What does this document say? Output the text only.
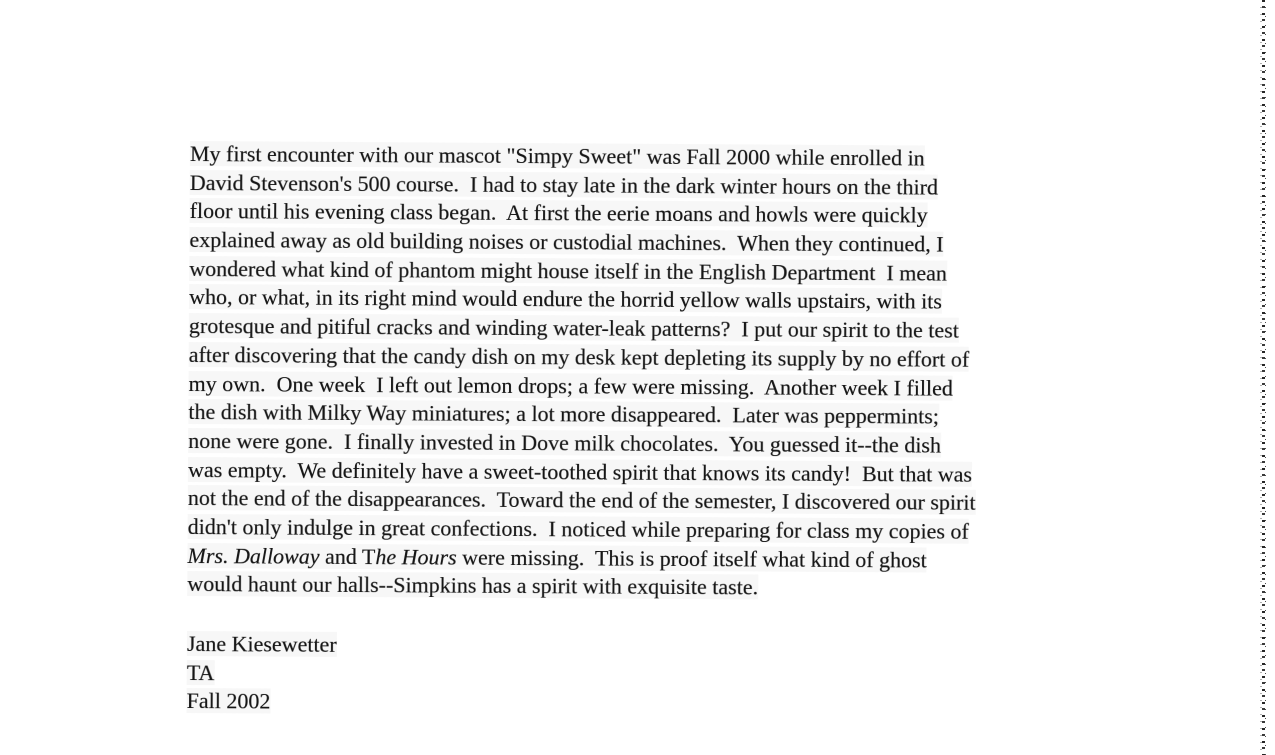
My first encounter with our mascot "Simpy Sweet" was Fall 2000 while enrolled in
David Stevenson's 500 course.  I had to stay late in the dark winter hours on the third
floor until his evening class began.  At first the eerie moans and howls were quickly
explained away as old building noises or custodial machines.  When they continued, I
wondered what kind of phantom might house itself in the English Department  I mean
who, or what, in its right mind would endure the horrid yellow walls upstairs, with its
grotesque and pitiful cracks and winding water-leak patterns?  I put our spirit to the test
after discovering that the candy dish on my desk kept depleting its supply by no effort of
my own.  One week  I left out lemon drops; a few were missing.  Another week I filled
the dish with Milky Way miniatures; a lot more disappeared.  Later was peppermints;
none were gone.  I finally invested in Dove milk chocolates.  You guessed it--the dish
was empty.  We definitely have a sweet-toothed spirit that knows its candy!  But that was
not the end of the disappearances.  Toward the end of the semester, I discovered our spirit
didn't only indulge in great confections.  I noticed while preparing for class my copies of
Mrs. Dalloway and The Hours were missing.  This is proof itself what kind of ghost
would haunt our halls--Simpkins has a spirit with exquisite taste.
Jane Kiesewetter
TA
Fall 2002
